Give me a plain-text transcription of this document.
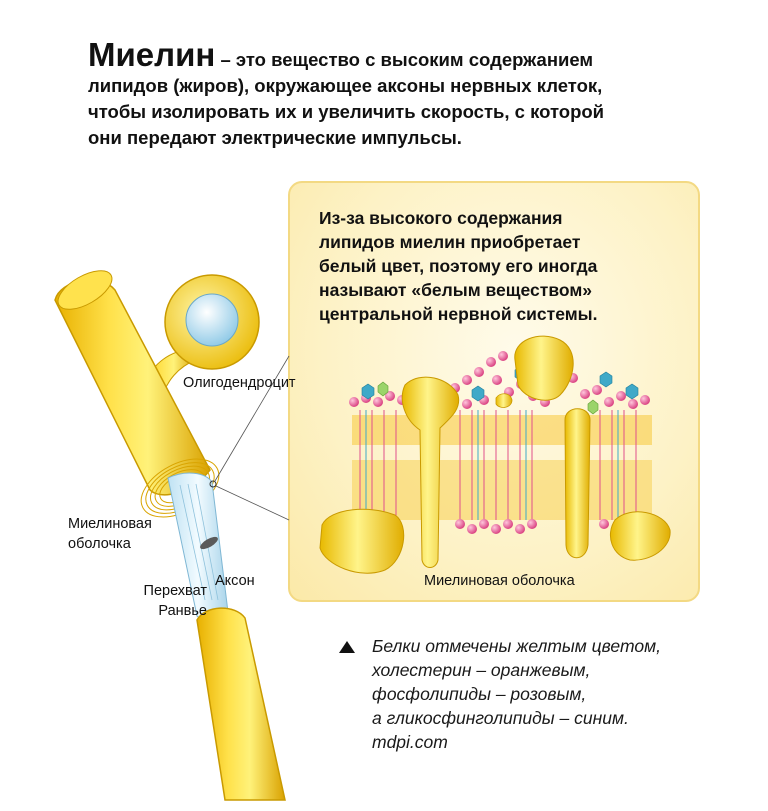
Миелин – это вещество с высоким содержанием
липидов (жиров), окружающее аксоны нервных клеток,
чтобы изолировать их и увеличить скорость, с которой
они передают электрические импульсы.
Из-за высокого содержания
липидов миелин приобретает
белый цвет, поэтому его иногда
называют «белым веществом»
центральной нервной системы.
Миелиновая оболочка
Олигодендроцит
Миелиновая
оболочка
Аксон
Перехват
Ранвье
Белки отмечены желтым цветом,
холестерин – оранжевым,
фосфолипиды – розовым,
а гликосфинголипиды – синим.
mdpi.com
